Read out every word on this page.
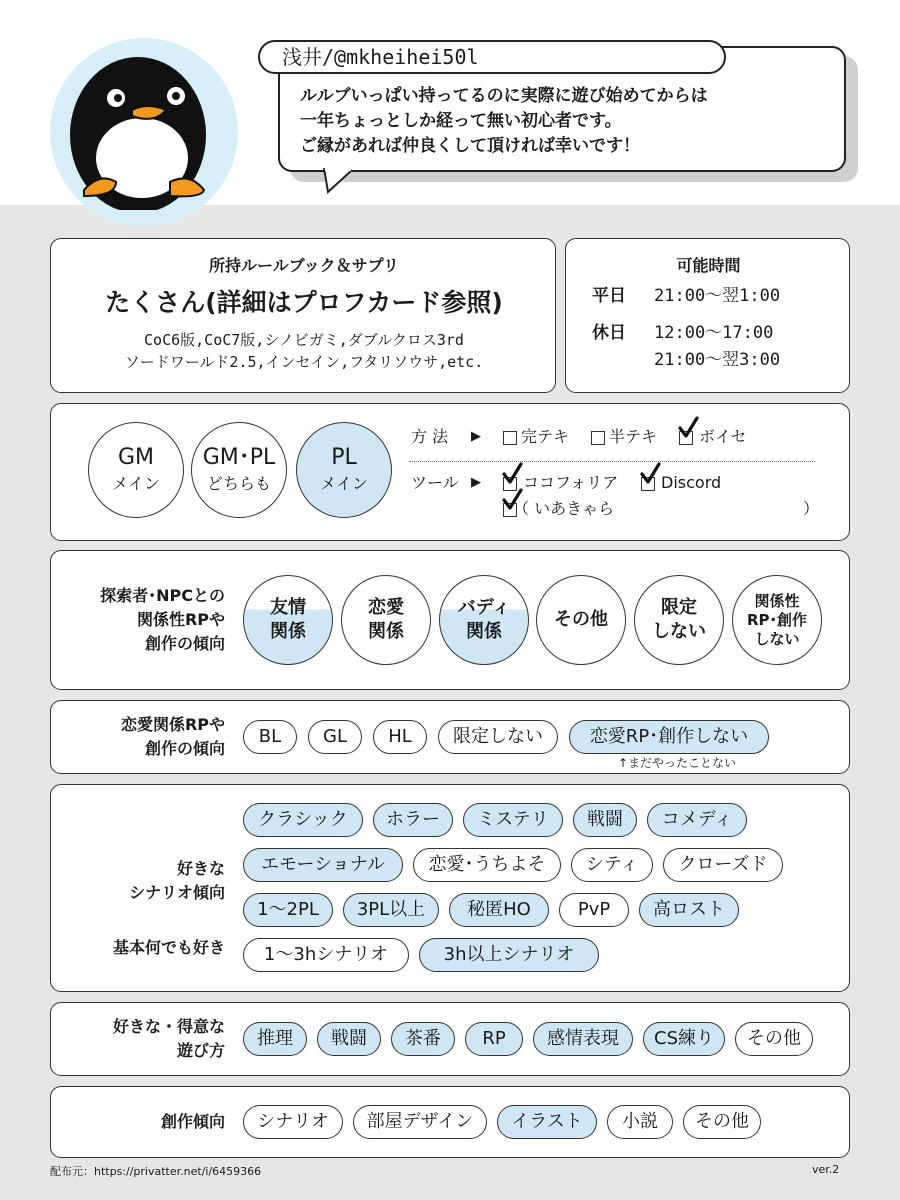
浅井/@mkheihei50l
ルルブいっぱい持ってるのに実際に遊び始めてからは
一年ちょっとしか経って無い初心者です。
ご縁があれば仲良くして頂ければ幸いです！
所持ルールブック＆サプリ
たくさん(詳細はプロフカード参照)
CoC6版,CoC7版,シノビガミ,ダブルクロス3rd
ソードワールド2.5,インセイン,フタリソウサ,etc.
可能時間
平日 21:00〜翌1:00
休日 12:00〜17:00
21:00〜翌3:00
GM
メイン
GM･PL
どちらも
PL
メイン
方 法 ▶	完テキ 半テキ	ボイセ
ツール ▶	ココフォリア	Discord
（ いあきゃら	）
探索者･NPCとの
関係性RPや
創作の傾向
友情
関係
恋愛
関係
バディ
関係
その他
限定
しない
関係性
RP･創作
しない
恋愛関係RPや
創作の傾向
BL	GL	HL	限定しない	恋愛RP･創作しない
↑まだやったことない
好きな
シナリオ傾向
基本何でも好き
クラシック	ホラー	ミステリ	戦闘	コメディ
エモーショナル	恋愛･うちよそ	シティ	クローズド
1〜2PL	3PL以上	秘匿HO	PvP	高ロスト
1〜3hシナリオ	3h以上シナリオ
好きな・得意な
遊び方
推理	戦闘	茶番	RP	感情表現	CS練り	その他
創作傾向	シナリオ	部屋デザイン	イラスト	小説	その他
配布元：https://privatter.net/i/6459366	ver.2
